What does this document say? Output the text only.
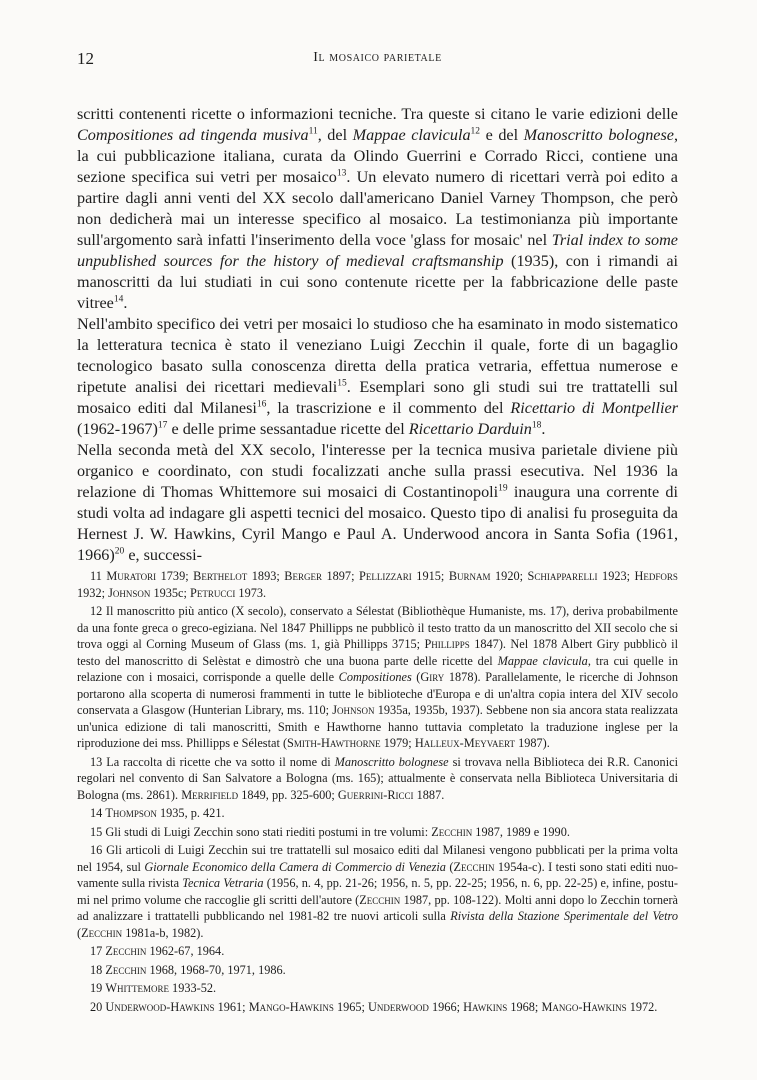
12	Il mosaico parietale

scritti contenenti ricette o informazioni tecniche. Tra queste si citano le varie edizioni delle Compositiones ad tingenda musiva$^{11}$, del Mappae clavicula$^{12}$ e del Manoscritto bolognese, la cui pubblicazione italiana, curata da Olindo Guerrini e Corrado Ricci, contiene una sezione specifica sui vetri per mosaico$^{13}$. Un elevato numero di ricettari verrà poi edito a partire dagli anni venti del XX secolo dall'americano Daniel Varney Thompson, che però non dedicherà mai un interesse specifico al mosaico. La testimonianza più importante sull'argomento sarà infatti l'inserimento della voce 'glass for mosaic' nel Trial index to some unpublished sources for the history of medieval craftsmanship (1935), con i rimandi ai manoscritti da lui studiati in cui sono contenute ricette per la fabbricazione delle paste vitree$^{14}$.

Nell'ambito specifico dei vetri per mosaici lo studioso che ha esaminato in modo sistematico la letteratura tecnica è stato il veneziano Luigi Zecchin il quale, forte di un bagaglio tecnologico basato sulla conoscenza diretta della pratica vetraria, effettua numerose e ripetute analisi dei ricettari medievali$^{15}$. Esemplari sono gli studi sui tre trattatelli sul mosaico editi dal Milanesi$^{16}$, la trascrizione e il commento del Ricettario di Montpellier (1962-1967)$^{17}$ e delle prime sessantadue ricette del Ricettario Darduin$^{18}$.

Nella seconda metà del XX secolo, l'interesse per la tecnica musiva parietale diviene più organico e coordinato, con studi focalizzati anche sulla prassi esecutiva. Nel 1936 la relazione di Thomas Whittemore sui mosaici di Costantinopoli$^{19}$ inaugura una corrente di studi volta ad indagare gli aspetti tecnici del mosaico. Questo tipo di analisi fu proseguita da Hernest J. W. Hawkins, Cyril Mango e Paul A. Underwood ancora in Santa Sofia (1961, 1966)$^{20}$ e, successi-

11 Muratori 1739; Berthelot 1893; Berger 1897; Pellizzari 1915; Burnam 1920; Schiapparelli 1923; Hedfors 1932; Johnson 1935c; Petrucci 1973.

12 Il manoscritto più antico (X secolo), conservato a Sélestat (Bibliothèque Humaniste, ms. 17), deriva probabilmente da una fonte greca o greco-egiziana. Nel 1847 Phillipps ne pubblicò il testo tratto da un manoscritto del XII secolo che si trova oggi al Corning Museum of Glass (ms. 1, già Phillipps 3715; Phillipps 1847). Nel 1878 Albert Giry pubblicò il testo del manoscritto di Selèstat e dimostrò che una buona parte delle ricette del Mappae clavicula, tra cui quelle in relazione con i mosaici, corrisponde a quelle delle Compositiones (Giry 1878). Parallelamente, le ricerche di Johnson portarono alla scoperta di numerosi frammenti in tutte le biblioteche d'Europa e di un'altra copia intera del XIV secolo conservata a Glasgow (Hunterian Library, ms. 110; Johnson 1935a, 1935b, 1937). Sebbene non sia ancora stata realizzata un'unica edizione di tali manoscritti, Smith e Hawthorne hanno tuttavia completato la traduzione inglese per la riproduzione dei mss. Phillipps e Sélestat (Smith-Hawthorne 1979; Halleux-Meyvaert 1987).

13 La raccolta di ricette che va sotto il nome di Manoscritto bolognese si trovava nella Biblioteca dei R.R. Canonici regolari nel convento di San Salvatore a Bologna (ms. 165); attualmente è conservata nella Biblioteca Universitaria di Bologna (ms. 2861). Merrifield 1849, pp. 325-600; Guerrini-Ricci 1887.

14 Thompson 1935, p. 421.

15 Gli studi di Luigi Zecchin sono stati riediti postumi in tre volumi: Zecchin 1987, 1989 e 1990.

16 Gli articoli di Luigi Zecchin sui tre trattatelli sul mosaico editi dal Milanesi vengono pubblicati per la prima volta nel 1954, sul Giornale Economico della Camera di Commercio di Venezia (Zecchin 1954a-c). I testi sono stati editi nuovamente sulla rivista Tecnica Vetraria (1956, n. 4, pp. 21-26; 1956, n. 5, pp. 22-25; 1956, n. 6, pp. 22-25) e, infine, postumi nel primo volume che raccoglie gli scritti dell'autore (Zecchin 1987, pp. 108-122). Molti anni dopo lo Zecchin tornerà ad analizzare i trattatelli pubblicando nel 1981-82 tre nuovi articoli sulla Rivista della Stazione Sperimentale del Vetro (Zecchin 1981a-b, 1982).

17 Zecchin 1962-67, 1964.

18 Zecchin 1968, 1968-70, 1971, 1986.

19 Whittemore 1933-52.

20 Underwood-Hawkins 1961; Mango-Hawkins 1965; Underwood 1966; Hawkins 1968; Mango-Hawkins 1972.
